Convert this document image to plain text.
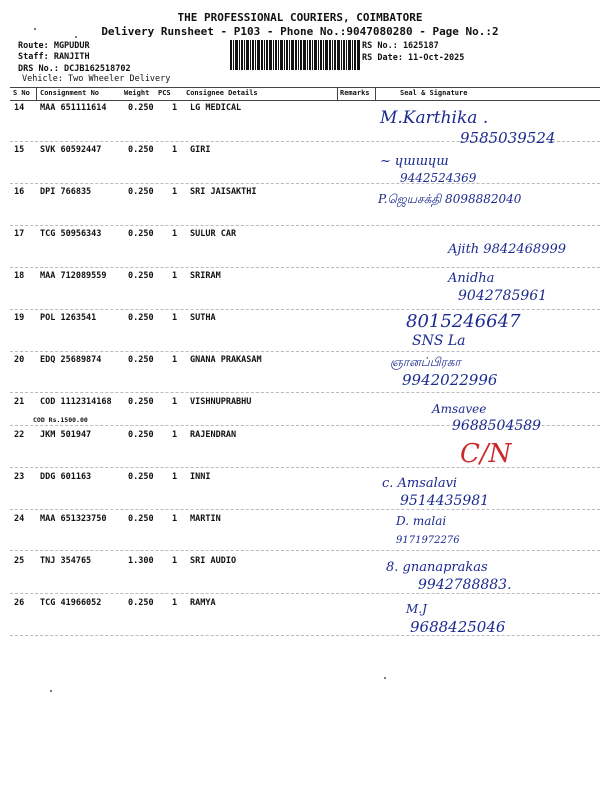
THE PROFESSIONAL COURIERS, COIMBATORE
Delivery Runsheet - P103 - Phone No.:9047080280 - Page No.:2
Route: MGPUDUR
Staff: RANJITH
DRS No.: DCJB162518702
Vehicle: Two Wheeler Delivery
RS No.: 1625187
RS Date: 11-Oct-2025
S No Consignment No	Weight PCS Consignee Details	Remarks	Seal & Signature
14 MAA 651111614	0.250 1 LG MEDICAL	M.Karthika .
9585039524
15 SVK 60592447	0.250 1 GIRI
~ ɥɯɯɥɯ
9442524369
16 DPI 766835	0.250 1 SRI JAISAKTHI	P.ஜெயசக்தி 8098882040
17 TCG 50956343	0.250 1 SULUR CAR
Ajith 9842468999
18 MAA 712089559	0.250 1 SRIRAM	Anidha
9042785961
19 POL 1263541	0.250 1 SUTHA	8015246647
SNS La
20 EDQ 25689874	0.250 1 GNANA PRAKASAM	ஞானப்பிரகா
9942022996
21 COD 1112314168 0.250 1 VISHNUPRABHU
COD Rs.1500.00
Amsavee
9688504589
22 JKM 501947	0.250 1 RAJENDRAN
C/N
23 DDG 601163	0.250 1 INNI	c. Amsalavi
9514435981
24 MAA 651323750	0.250 1 MARTIN	D. malai
9171972276
25 TNJ 354765	1.300 1 SRI AUDIO	8. gnanaprakas
9942788883.
26 TCG 41966052	0.250 1 RAMYA	M.J
9688425046
